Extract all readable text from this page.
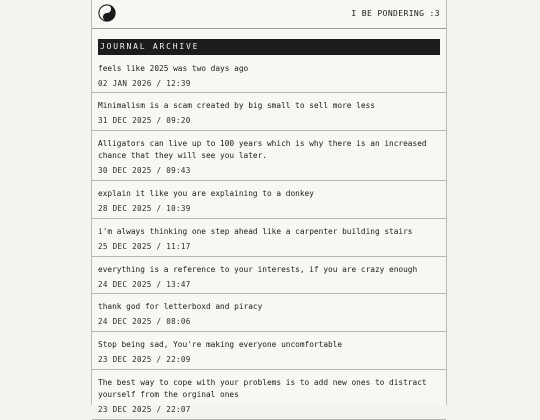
I BE PONDERING :3
JOURNAL ARCHIVE
feels like 2025 was two days ago
02 JAN 2026 / 12:39
Minimalism is a scam created by big small to sell more less
31 DEC 2025 / 09:20
Alligators can live up to 100 years which is why there is an increased chance that they will see you later.
30 DEC 2025 / 09:43
explain it like you are explaining to a donkey
28 DEC 2025 / 10:39
i'm always thinking one step ahead like a carpenter building stairs
25 DEC 2025 / 11:17
everything is a reference to your interests, if you are crazy enough
24 DEC 2025 / 13:47
thank god for letterboxd and piracy
24 DEC 2025 / 08:06
Stop being sad, You're making everyone uncomfortable
23 DEC 2025 / 22:09
The best way to cope with your problems is to add new ones to distract yourself from the orginal ones
23 DEC 2025 / 22:07
